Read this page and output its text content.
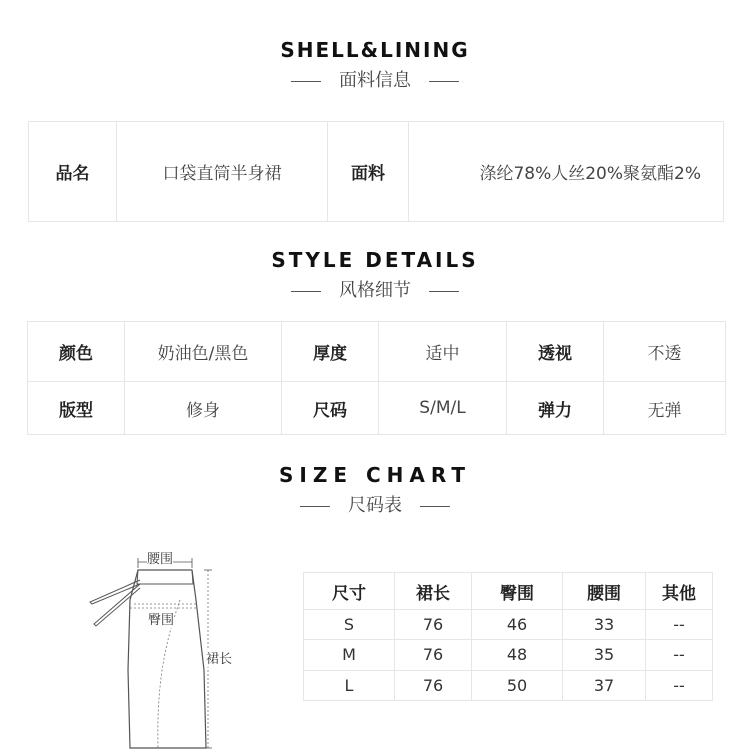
SHELL&LINING
面料信息
品名	口袋直筒半身裙	面料	涤纶78%人丝20%聚氨酯2%
STYLE DETAILS
风格细节
颜色	奶油色/黑色	厚度	适中	透视	不透
版型	修身	尺码	S/M/L	弹力	无弹
SIZE CHART
尺码表
腰围
臀围
裙长
尺寸	裙长	臀围	腰围	其他
S	76	46	33	--
M	76	48	35	--
L	76	50	37	--
